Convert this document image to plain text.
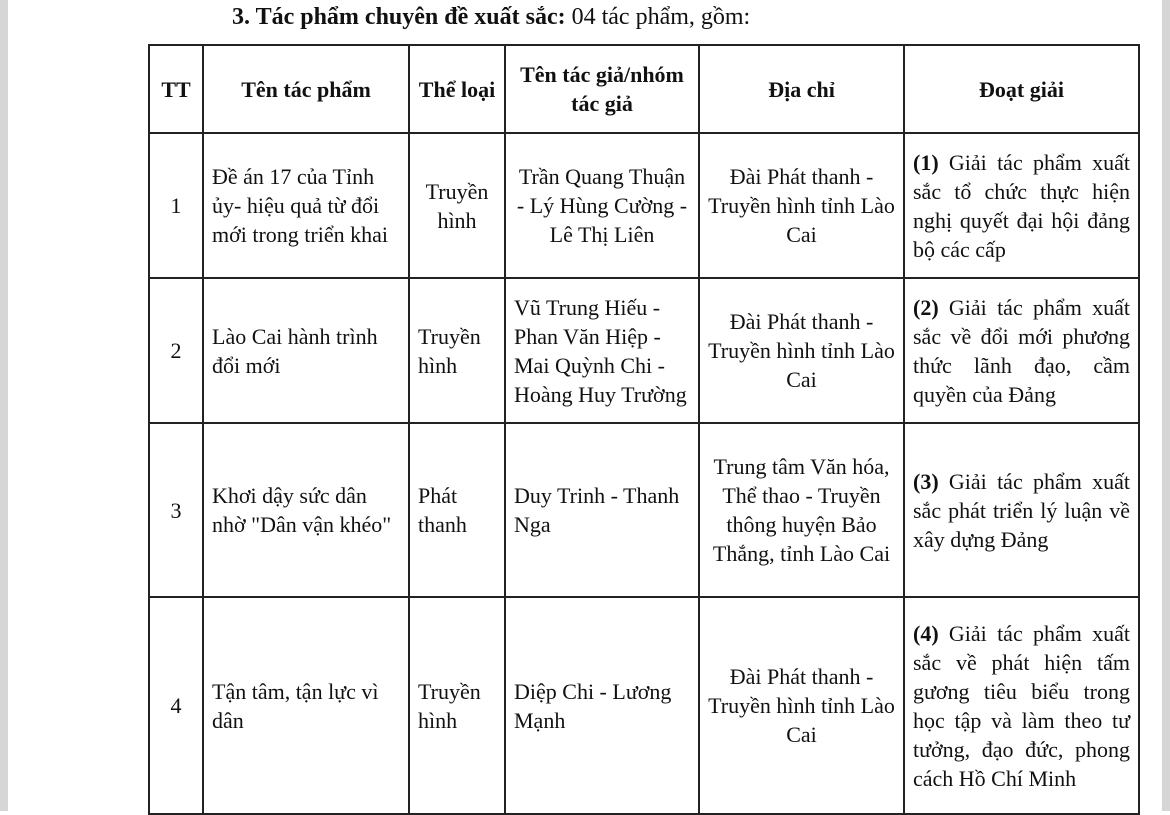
3. Tác phẩm chuyên đề xuất sắc: 04 tác phẩm, gồm:
TT	Tên tác phẩm	Thể loại	Tên tác giả/nhóm tác giả	Địa chỉ	Đoạt giải
1	Đề án 17 của Tỉnh ủy- hiệu quả từ đổi mới trong triển khai	Truyền hình	Trần Quang Thuận - Lý Hùng Cường - Lê Thị Liên	Đài Phát thanh - Truyền hình tỉnh Lào Cai	(1) Giải tác phẩm xuất sắc tổ chức thực hiện nghị quyết đại hội đảng bộ các cấp
2	Lào Cai hành trình đổi mới	Truyền hình	Vũ Trung Hiếu - Phan Văn Hiệp - Mai Quỳnh Chi -Hoàng Huy Trường	Đài Phát thanh - Truyền hình tỉnh Lào Cai	(2) Giải tác phẩm xuất sắc về đổi mới phương thức lãnh đạo, cầm quyền của Đảng
3	Khơi dậy sức dân nhờ "Dân vận khéo"	Phát thanh	Duy Trinh - Thanh Nga	Trung tâm Văn hóa, Thể thao - Truyền thông huyện Bảo Thắng, tỉnh Lào Cai	(3) Giải tác phẩm xuất sắc phát triển lý luận về xây dựng Đảng
4	Tận tâm, tận lực vì dân	Truyền hình	Diệp Chi - Lương Mạnh	Đài Phát thanh - Truyền hình tỉnh Lào Cai	(4) Giải tác phẩm xuất sắc về phát hiện tấm gương tiêu biểu trong học tập và làm theo tư tưởng, đạo đức, phong cách Hồ Chí Minh
